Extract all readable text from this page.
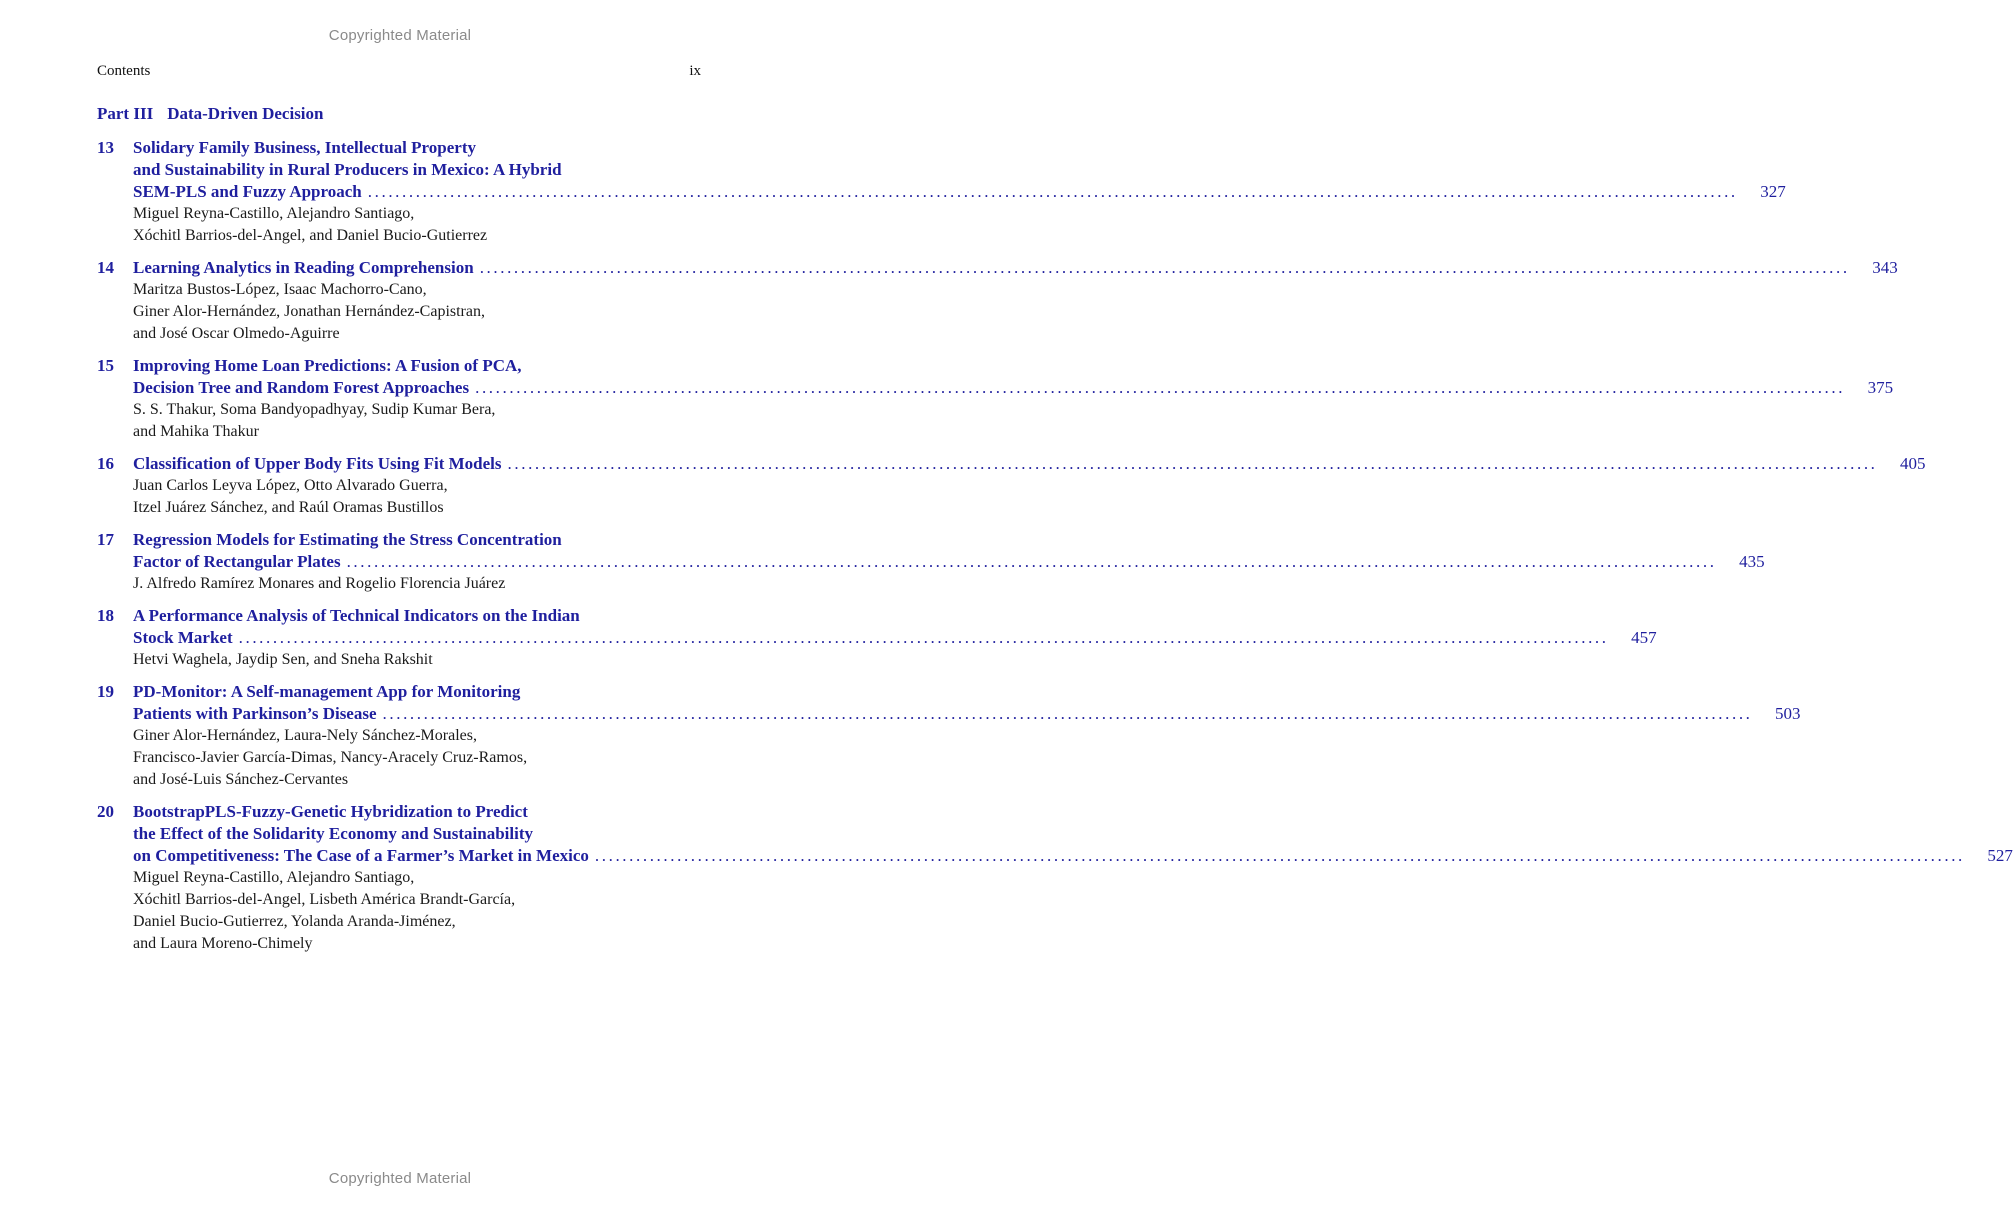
Copyrighted Material
Contents	ix
Part III Data-Driven Decision
13 Solidary Family Business, Intellectual Property
and Sustainability in Rural Producers in Mexico: A Hybrid
SEM-PLS and Fuzzy Approach ........................................................................................................................................................................................................	327
Miguel Reyna-Castillo, Alejandro Santiago,
Xóchitl Barrios-del-Angel, and Daniel Bucio-Gutierrez
14 Learning Analytics in Reading Comprehension ........................................................................................................................................................................................................	343
Maritza Bustos-López, Isaac Machorro-Cano,
Giner Alor-Hernández, Jonathan Hernández-Capistran,
and José Oscar Olmedo-Aguirre
15 Improving Home Loan Predictions: A Fusion of PCA,
Decision Tree and Random Forest Approaches ........................................................................................................................................................................................................	375
S. S. Thakur, Soma Bandyopadhyay, Sudip Kumar Bera,
and Mahika Thakur
16 Classification of Upper Body Fits Using Fit Models ........................................................................................................................................................................................................	405
Juan Carlos Leyva López, Otto Alvarado Guerra,
Itzel Juárez Sánchez, and Raúl Oramas Bustillos
17 Regression Models for Estimating the Stress Concentration
Factor of Rectangular Plates ........................................................................................................................................................................................................	435
J. Alfredo Ramírez Monares and Rogelio Florencia Juárez
18 A Performance Analysis of Technical Indicators on the Indian
Stock Market ........................................................................................................................................................................................................	457
Hetvi Waghela, Jaydip Sen, and Sneha Rakshit
19 PD-Monitor: A Self-management App for Monitoring
Patients with Parkinson’s Disease ........................................................................................................................................................................................................	503
Giner Alor-Hernández, Laura-Nely Sánchez-Morales,
Francisco-Javier García-Dimas, Nancy-Aracely Cruz-Ramos,
and José-Luis Sánchez-Cervantes
20 BootstrapPLS-Fuzzy-Genetic Hybridization to Predict
the Effect of the Solidarity Economy and Sustainability
on Competitiveness: The Case of a Farmer’s Market in Mexico ........................................................................................................................................................................................................	527
Miguel Reyna-Castillo, Alejandro Santiago,
Xóchitl Barrios-del-Angel, Lisbeth América Brandt-García,
Daniel Bucio-Gutierrez, Yolanda Aranda-Jiménez,
and Laura Moreno-Chimely
Copyrighted Material
